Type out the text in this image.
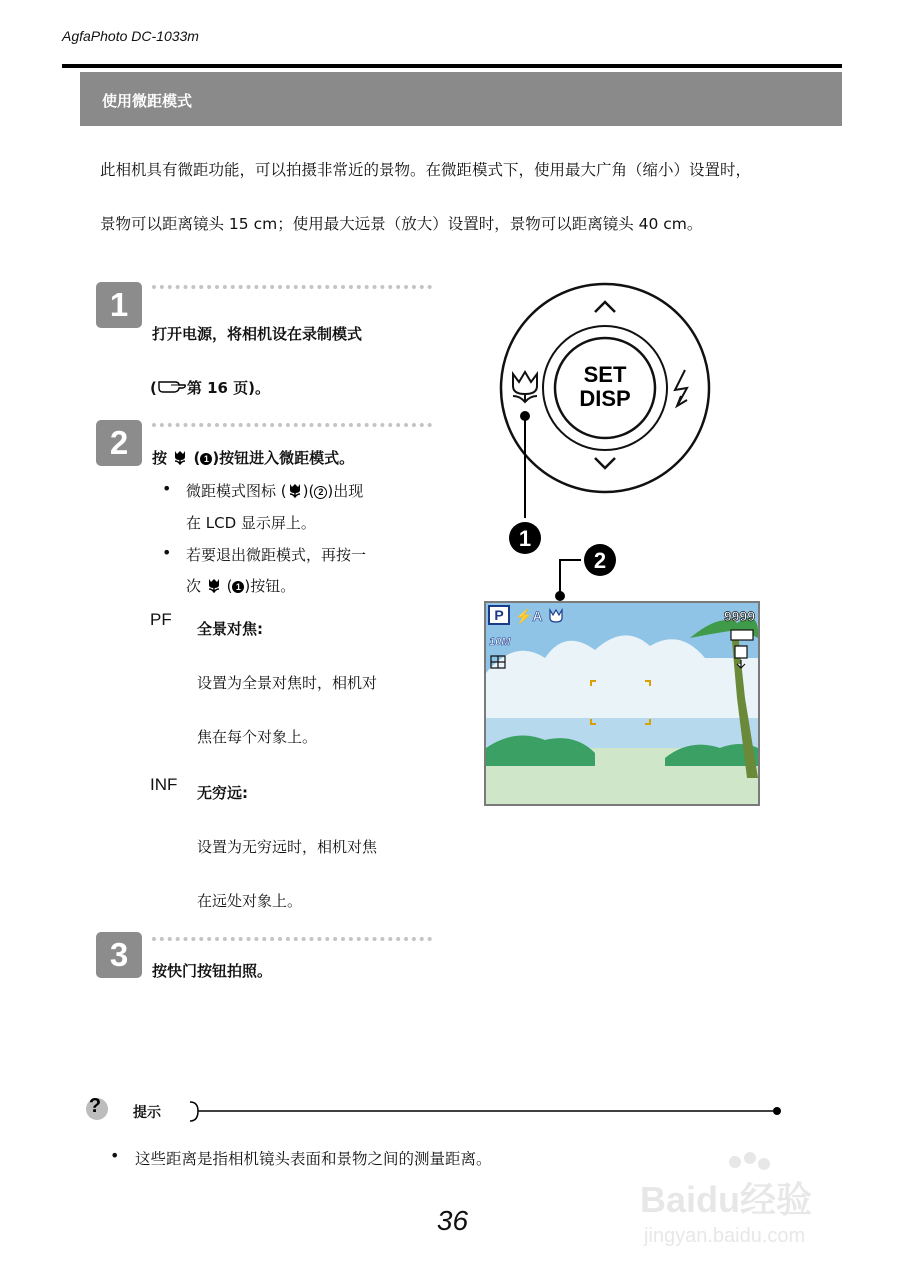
AgfaPhoto DC-1033m
使用微距模式
此相机具有微距功能，可以拍摄非常近的景物。在微距模式下，使用最大广角（缩小）设置时，
景物可以距离镜头 15 cm；使用最大远景（放大）设置时，景物可以距离镜头 40 cm。
1
打开电源，将相机设在录制模式
( 第 16 页)。
2	按  ( 1 )按钮进入微距模式。
• 微距模式图标 ( )( 2 )出现
在 LCD 显示屏上。
• 若要退出微距模式，再按一
次  ( 1 )按钮。
PF 全景对焦:
设置为全景对焦时，相机对
焦在每个对象上。
INF 无穷远:
设置为无穷远时，相机对焦
在远处对象上。
3	按快门按钮拍照。
SET
DISP
1
2
P ⚡A	9999
10M
? 提示
• 这些距离是指相机镜头表面和景物之间的测量距离。
36
Baidu经验
jingyan.baidu.com
